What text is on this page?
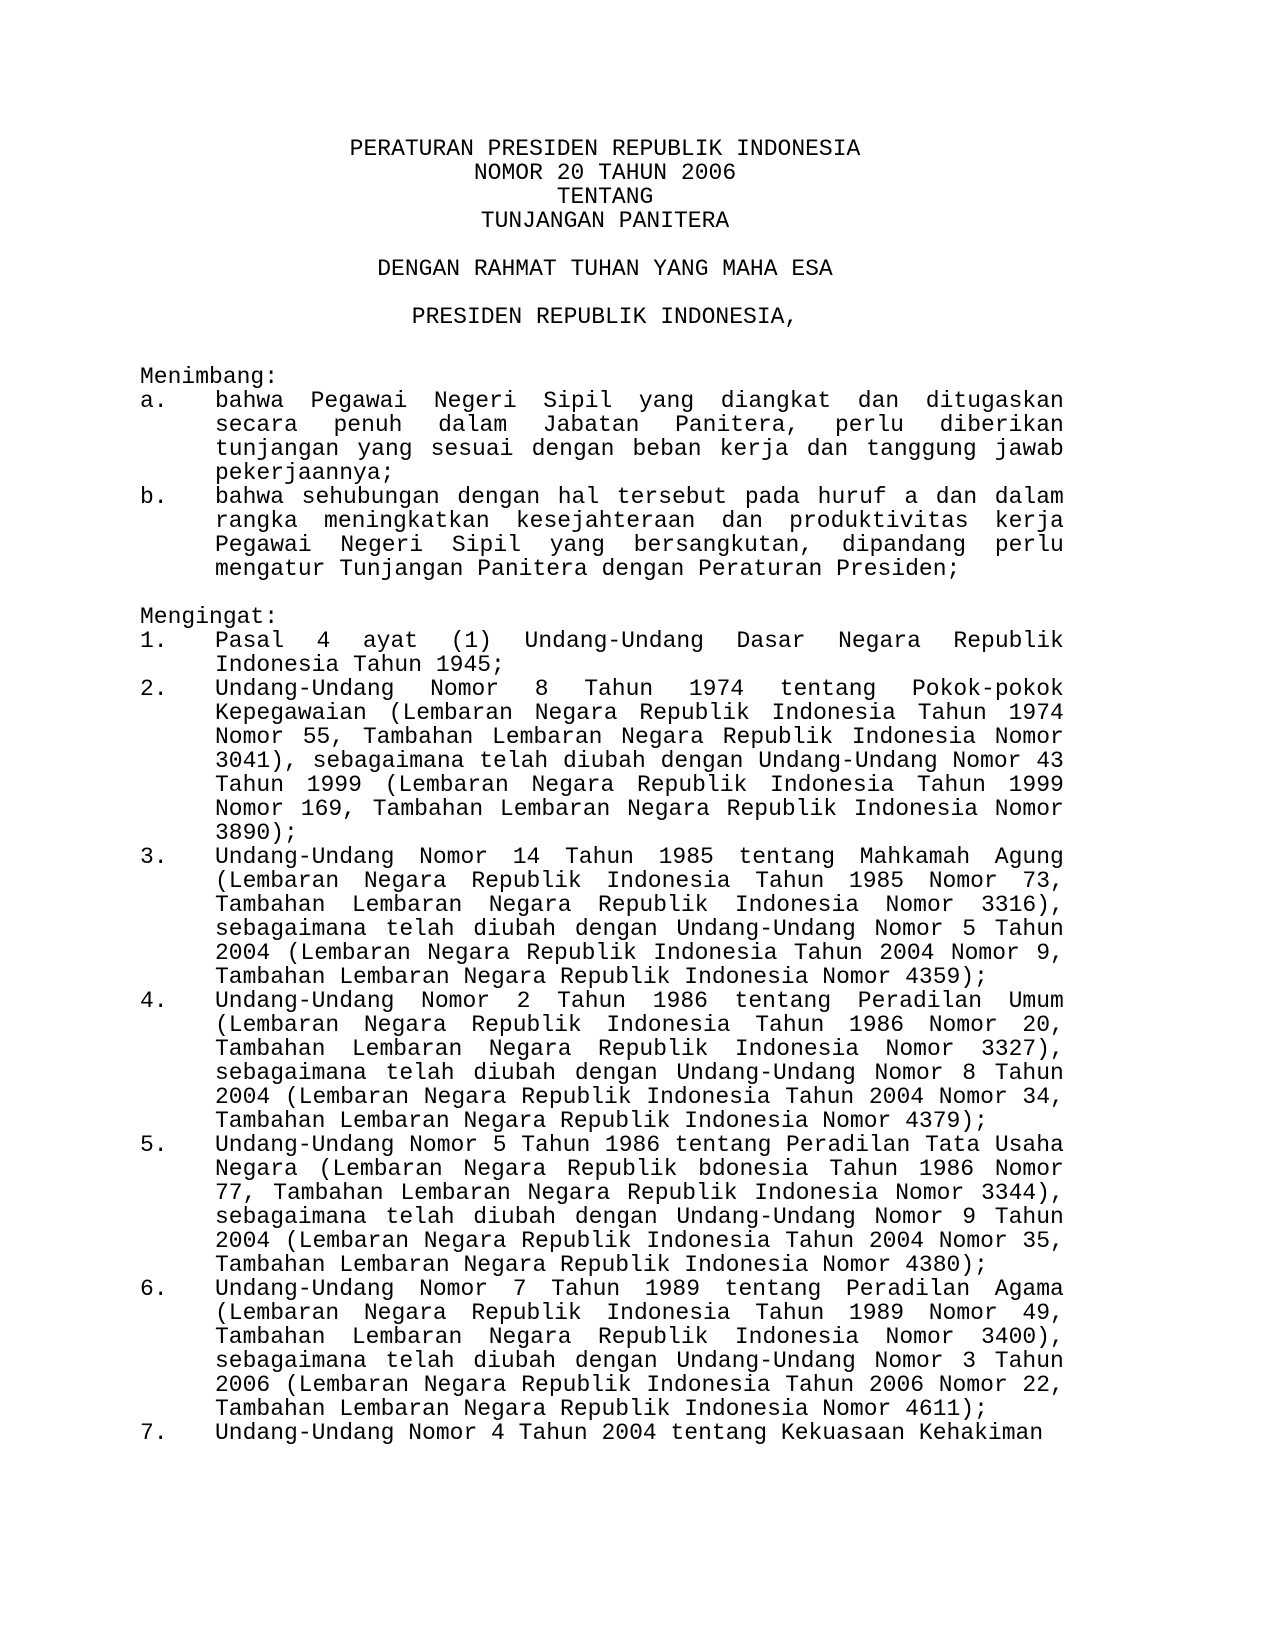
PERATURAN PRESIDEN REPUBLIK INDONESIA
NOMOR 20 TAHUN 2006
TENTANG
TUNJANGAN PANITERA
DENGAN RAHMAT TUHAN YANG MAHA ESA
PRESIDEN REPUBLIK INDONESIA,
Menimbang:
a.	bahwa Pegawai Negeri Sipil yang diangkat dan ditugaskan secara penuh dalam Jabatan Panitera, perlu diberikan tunjangan yang sesuai dengan beban kerja dan tanggung jawab pekerjaannya;
b.	bahwa sehubungan dengan hal tersebut pada huruf a dan dalam rangka meningkatkan kesejahteraan dan produktivitas kerja Pegawai Negeri Sipil yang bersangkutan, dipandang perlu mengatur Tunjangan Panitera dengan Peraturan Presiden;
Mengingat:
1.	Pasal 4 ayat (1) Undang-Undang Dasar Negara Republik Indonesia Tahun 1945;
2.	Undang-Undang Nomor 8 Tahun 1974 tentang Pokok-pokok Kepegawaian (Lembaran Negara Republik Indonesia Tahun 1974 Nomor 55, Tambahan Lembaran Negara Republik Indonesia Nomor 3041), sebagaimana telah diubah dengan Undang-Undang Nomor 43 Tahun 1999 (Lembaran Negara Republik Indonesia Tahun 1999 Nomor 169, Tambahan Lembaran Negara Republik Indonesia Nomor 3890);
3.	Undang-Undang Nomor 14 Tahun 1985 tentang Mahkamah Agung (Lembaran Negara Republik Indonesia Tahun 1985 Nomor 73, Tambahan Lembaran Negara Republik Indonesia Nomor 3316), sebagaimana telah diubah dengan Undang-Undang Nomor 5 Tahun 2004 (Lembaran Negara Republik Indonesia Tahun 2004 Nomor 9, Tambahan Lembaran Negara Republik Indonesia Nomor 4359);
4.	Undang-Undang Nomor 2 Tahun 1986 tentang Peradilan Umum (Lembaran Negara Republik Indonesia Tahun 1986 Nomor 20, Tambahan Lembaran Negara Republik Indonesia Nomor 3327), sebagaimana telah diubah dengan Undang-Undang Nomor 8 Tahun 2004 (Lembaran Negara Republik Indonesia Tahun 2004 Nomor 34, Tambahan Lembaran Negara Republik Indonesia Nomor 4379);
5.	Undang-Undang Nomor 5 Tahun 1986 tentang Peradilan Tata Usaha Negara (Lembaran Negara Republik bdonesia Tahun 1986 Nomor 77, Tambahan Lembaran Negara Republik Indonesia Nomor 3344), sebagaimana telah diubah dengan Undang-Undang Nomor 9 Tahun 2004 (Lembaran Negara Republik Indonesia Tahun 2004 Nomor 35, Tambahan Lembaran Negara Republik Indonesia Nomor 4380);
6.	Undang-Undang Nomor 7 Tahun 1989 tentang Peradilan Agama (Lembaran Negara Republik Indonesia Tahun 1989 Nomor 49, Tambahan Lembaran Negara Republik Indonesia Nomor 3400), sebagaimana telah diubah dengan Undang-Undang Nomor 3 Tahun 2006 (Lembaran Negara Republik Indonesia Tahun 2006 Nomor 22, Tambahan Lembaran Negara Republik Indonesia Nomor 4611);
7.	Undang-Undang Nomor 4 Tahun 2004 tentang Kekuasaan Kehakiman
